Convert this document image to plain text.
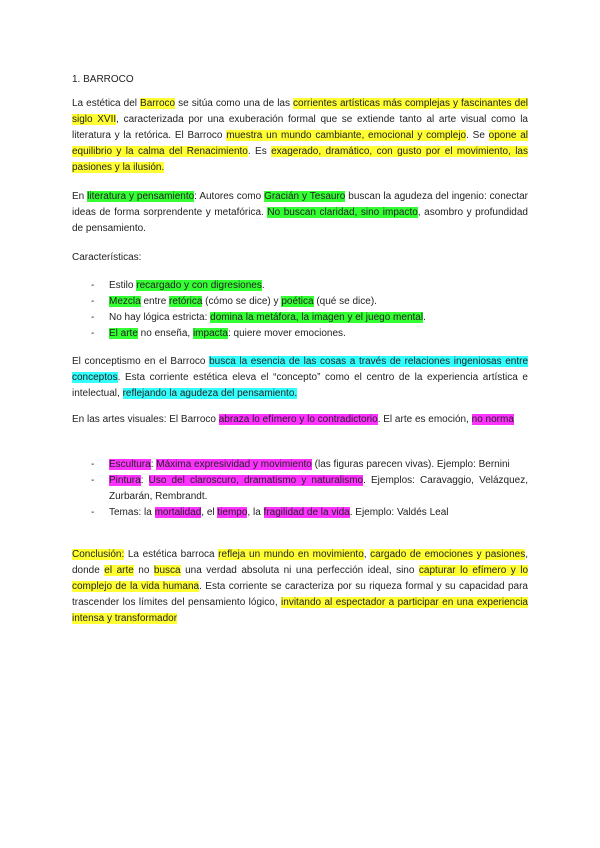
1. BARROCO

La estética del Barroco se sitúa como una de las corrientes artísticas más complejas y fascinantes del siglo XVII, caracterizada por una exuberación formal que se extiende tanto al arte visual como la literatura y la retórica. El Barroco muestra un mundo cambiante, emocional y complejo. Se opone al equilibrio y la calma del Renacimiento. Es exagerado, dramático, con gusto por el movimiento, las pasiones y la ilusión.

En literatura y pensamiento: Autores como Gracián y Tesauro buscan la agudeza del ingenio: conectar ideas de forma sorprendente y metafórica. No buscan claridad, sino impacto, asombro y profundidad de pensamiento.

Características:

- Estilo recargado y con digresiones.
- Mezcla entre retórica (cómo se dice) y poética (qué se dice).
- No hay lógica estricta: domina la metáfora, la imagen y el juego mental.
- El arte no enseña, impacta: quiere mover emociones.

El conceptismo en el Barroco busca la esencia de las cosas a través de relaciones ingeniosas entre conceptos. Esta corriente estética eleva el “concepto” como el centro de la experiencia artística e intelectual, reflejando la agudeza del pensamiento.

En las artes visuales: El Barroco abraza lo efímero y lo contradictorio. El arte es emoción, no norma

- Escultura: Máxima expresividad y movimiento (las figuras parecen vivas). Ejemplo: Bernini
- Pintura: Uso del claroscuro, dramatismo y naturalismo. Ejemplos: Caravaggio, Velázquez, Zurbarán, Rembrandt.
- Temas: la mortalidad, el tiempo, la fragilidad de la vida. Ejemplo: Valdés Leal

Conclusión: La estética barroca refleja un mundo en movimiento, cargado de emociones y pasiones, donde el arte no busca una verdad absoluta ni una perfección ideal, sino capturar lo efímero y lo complejo de la vida humana. Esta corriente se caracteriza por su riqueza formal y su capacidad para trascender los límites del pensamiento lógico, invitando al espectador a participar en una experiencia intensa y transformador
